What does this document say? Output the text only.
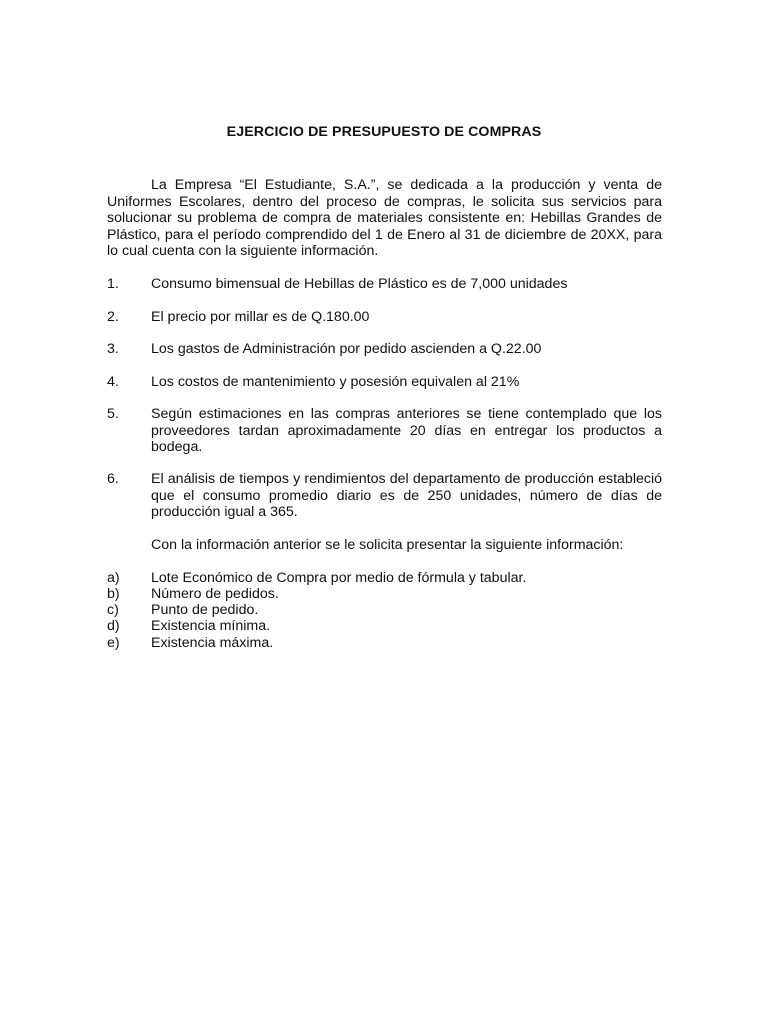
EJERCICIO DE PRESUPUESTO DE COMPRAS

La Empresa “El Estudiante, S.A.”, se dedicada a la producción y venta de Uniformes Escolares, dentro del proceso de compras, le solicita sus servicios para solucionar su problema de compra de materiales consistente en: Hebillas Grandes de Plástico, para el período comprendido del 1 de Enero al 31 de diciembre de 20XX, para lo cual cuenta con la siguiente información.

1.	Consumo bimensual de Hebillas de Plástico es de 7,000 unidades
2.	El precio por millar es de Q.180.00
3.	Los gastos de Administración por pedido ascienden a Q.22.00
4.	Los costos de mantenimiento y posesión equivalen al 21%
5.	Según estimaciones en las compras anteriores se tiene contemplado que los proveedores tardan aproximadamente 20 días en entregar los productos a bodega.
6.	El análisis de tiempos y rendimientos del departamento de producción estableció que el consumo promedio diario es de 250 unidades, número de días de producción igual a 365.
Con la información anterior se le solicita presentar la siguiente información:
a) Lote Económico de Compra por medio de fórmula y tabular.
b) Número de pedidos.
c) Punto de pedido.
d) Existencia mínima.
e) Existencia máxima.
